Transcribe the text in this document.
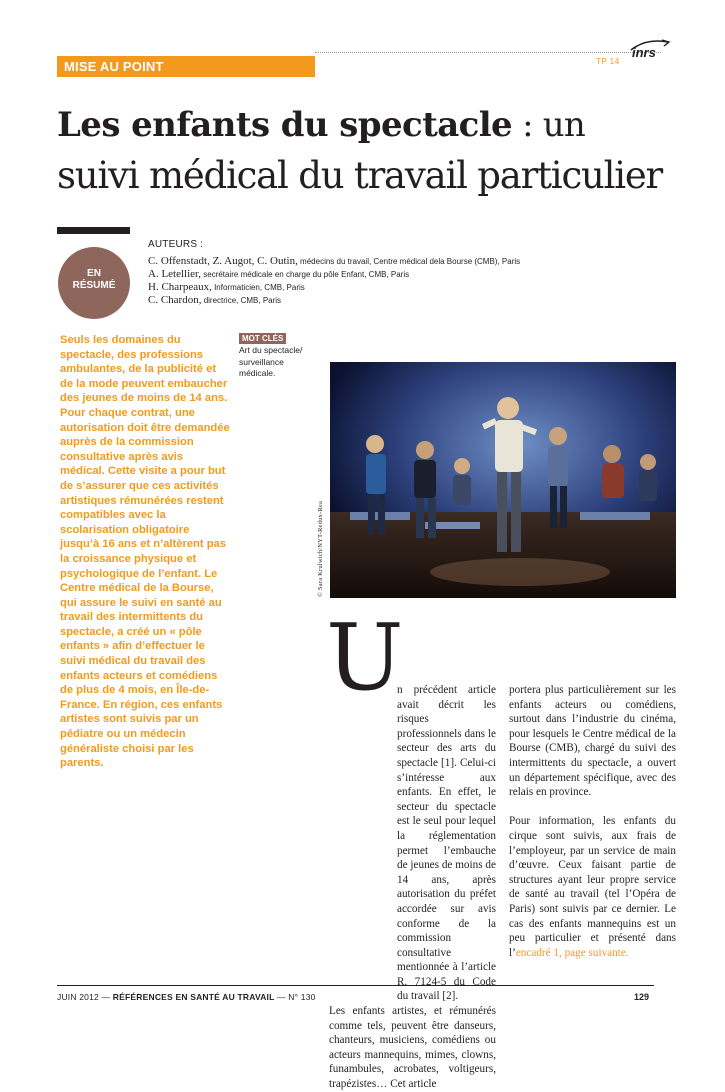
MISE AU POINT	TP 14
inrs
Les enfants du spectacle : un
suivi médical du travail particulier
EN
RÉSUMÉ
AUTEURS :
C. Offenstadt, Z. Augot, C. Outin, médecins du travail, Centre médical dela Bourse (CMB), Paris
A. Letellier, secrétaire médicale en charge du pôle Enfant, CMB, Paris
H. Charpeaux, Informaticien, CMB, Paris
C. Chardon, directrice, CMB, Paris

Seuls les domaines du spectacle, des professions ambulantes, de la publicité et de la mode peuvent embaucher des jeunes de moins de 14 ans. Pour chaque contrat, une autorisation doit être demandée auprès de la commission consultative après avis médical. Cette visite a pour but de s’assurer que ces activités artistiques rémunérées restent compatibles avec la scolarisation obligatoire jusqu’à 16 ans et n’altèrent pas la croissance physique et psychologique de l’enfant. Le Centre médical de la Bourse, qui assure le suivi en santé au travail des intermittents du spectacle, a créé un « pôle enfants » afin d’effectuer le suivi médical du travail des enfants acteurs et comédiens de plus de 4 mois, en Île-de-France. En région, ces enfants artistes sont suivis par un pédiatre ou un médecin généraliste choisi par les parents.

MOT CLÉS
Art du spectacle/ surveillance médicale.
© Sara Krulwich/NYT-Redux-Rea
U

n précédent article avait décrit les risques professionnels dans le secteur des arts du spectacle [1]. Celui-ci s’intéresse aux enfants. En effet, le secteur du spectacle est le seul pour lequel la réglementation permet l’embauche de jeunes de moins de 14 ans, après autorisation du préfet accordée sur avis conforme de la commission consultative mentionnée à l’article R. 7124-5 du Code du travail [2].

Les enfants artistes, et rémunérés comme tels, peuvent être danseurs, chanteurs, musiciens, comédiens ou acteurs mannequins, mimes, clowns, funambules, acrobates, voltigeurs, trapézistes… Cet article

portera plus particulièrement sur les enfants acteurs ou comédiens, surtout dans l’industrie du cinéma, pour lesquels le Centre médical de la Bourse (CMB), chargé du suivi des intermittents du spectacle, a ouvert un département spécifique, avec des relais en province.

Pour information, les enfants du cirque sont suivis, aux frais de l’employeur, par un service de main d’œuvre. Ceux faisant partie de structures ayant leur propre service de santé au travail (tel l’Opéra de Paris) sont suivis par ce dernier. Le cas des enfants mannequins est un peu particulier et présenté dans l’encadré 1, page suivante.

JUIN 2012 — RÉFÉRENCES EN SANTÉ AU TRAVAIL — N° 130	129
